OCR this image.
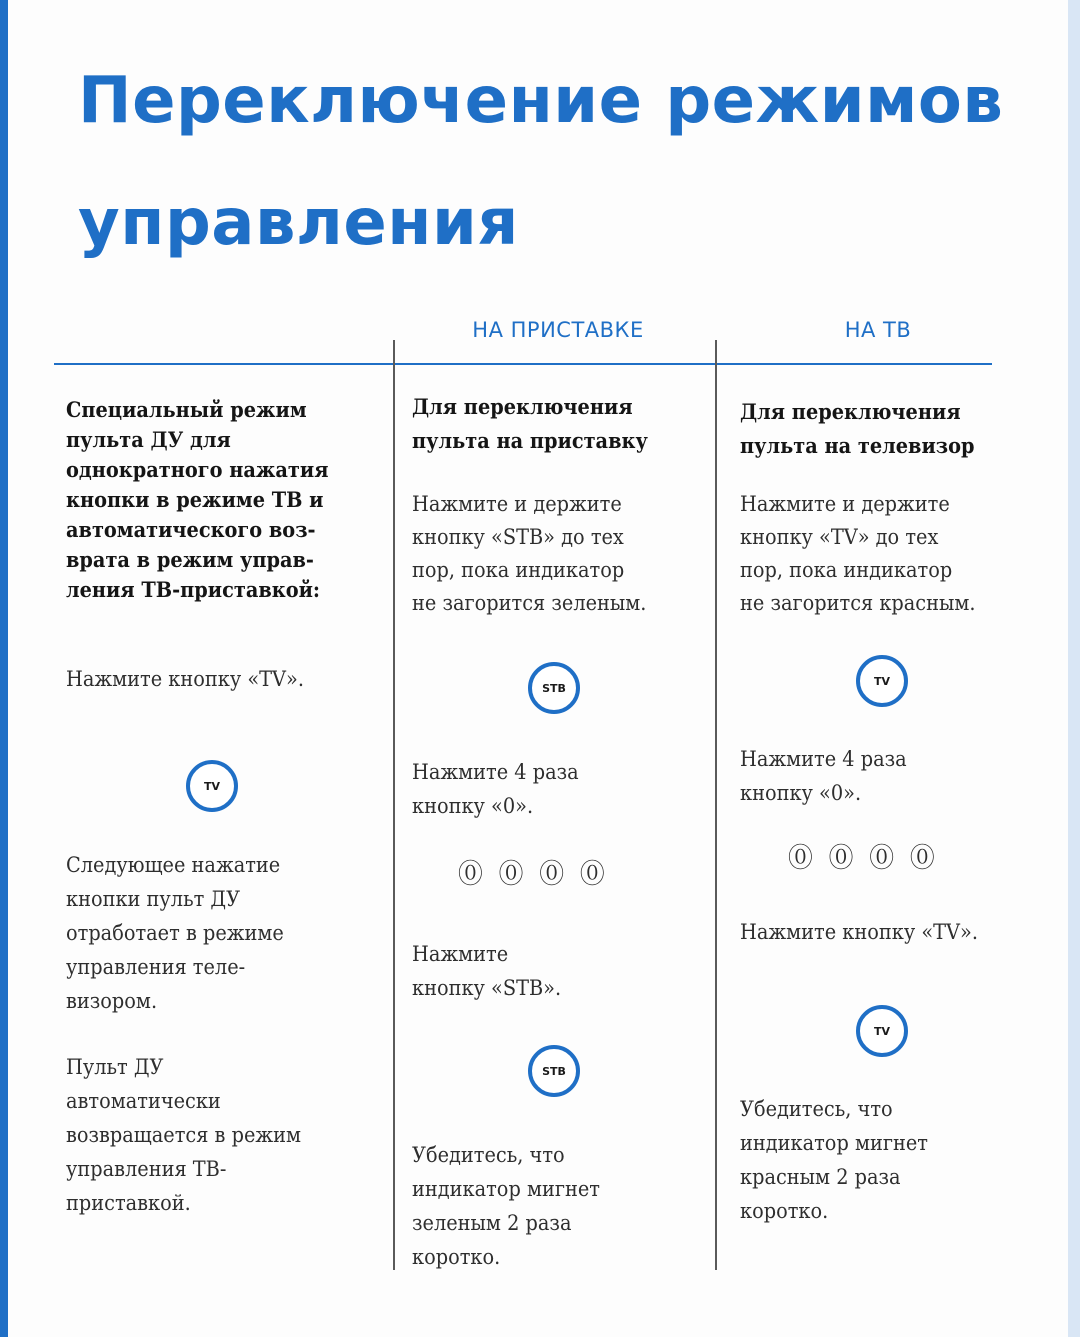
Переключение режимов
управления
НА ПРИСТАВКЕ	НА ТВ
Специальный режим
пульта ДУ для
однократного нажатия
кнопки в режиме ТВ и
автоматического воз-
врата в режим управ-
ления ТВ-приставкой:
Нажмите кнопку «TV».
TV
Следующее нажатие
кнопки пульт ДУ
отработает в режиме
управления теле-
визором.
Пульт ДУ
автоматически
возвращается в режим
управления ТВ-
приставкой.
Для переключения
пульта на приставку
Нажмите и держите
кнопку «STB» до тех
пор, пока индикатор
не загорится зеленым.
STB
Нажмите 4 раза
кнопку «0».
⓪  ⓪  ⓪  ⓪
Нажмите
кнопку «STB».
STB
Убедитесь, что
индикатор мигнет
зеленым 2 раза
коротко.
Для переключения
пульта на телевизор
Нажмите и держите
кнопку «TV» до тех
пор, пока индикатор
не загорится красным.
TV
Нажмите 4 раза
кнопку «0».
⓪  ⓪  ⓪  ⓪
Нажмите кнопку «TV».
TV
Убедитесь, что
индикатор мигнет
красным 2 раза
коротко.
